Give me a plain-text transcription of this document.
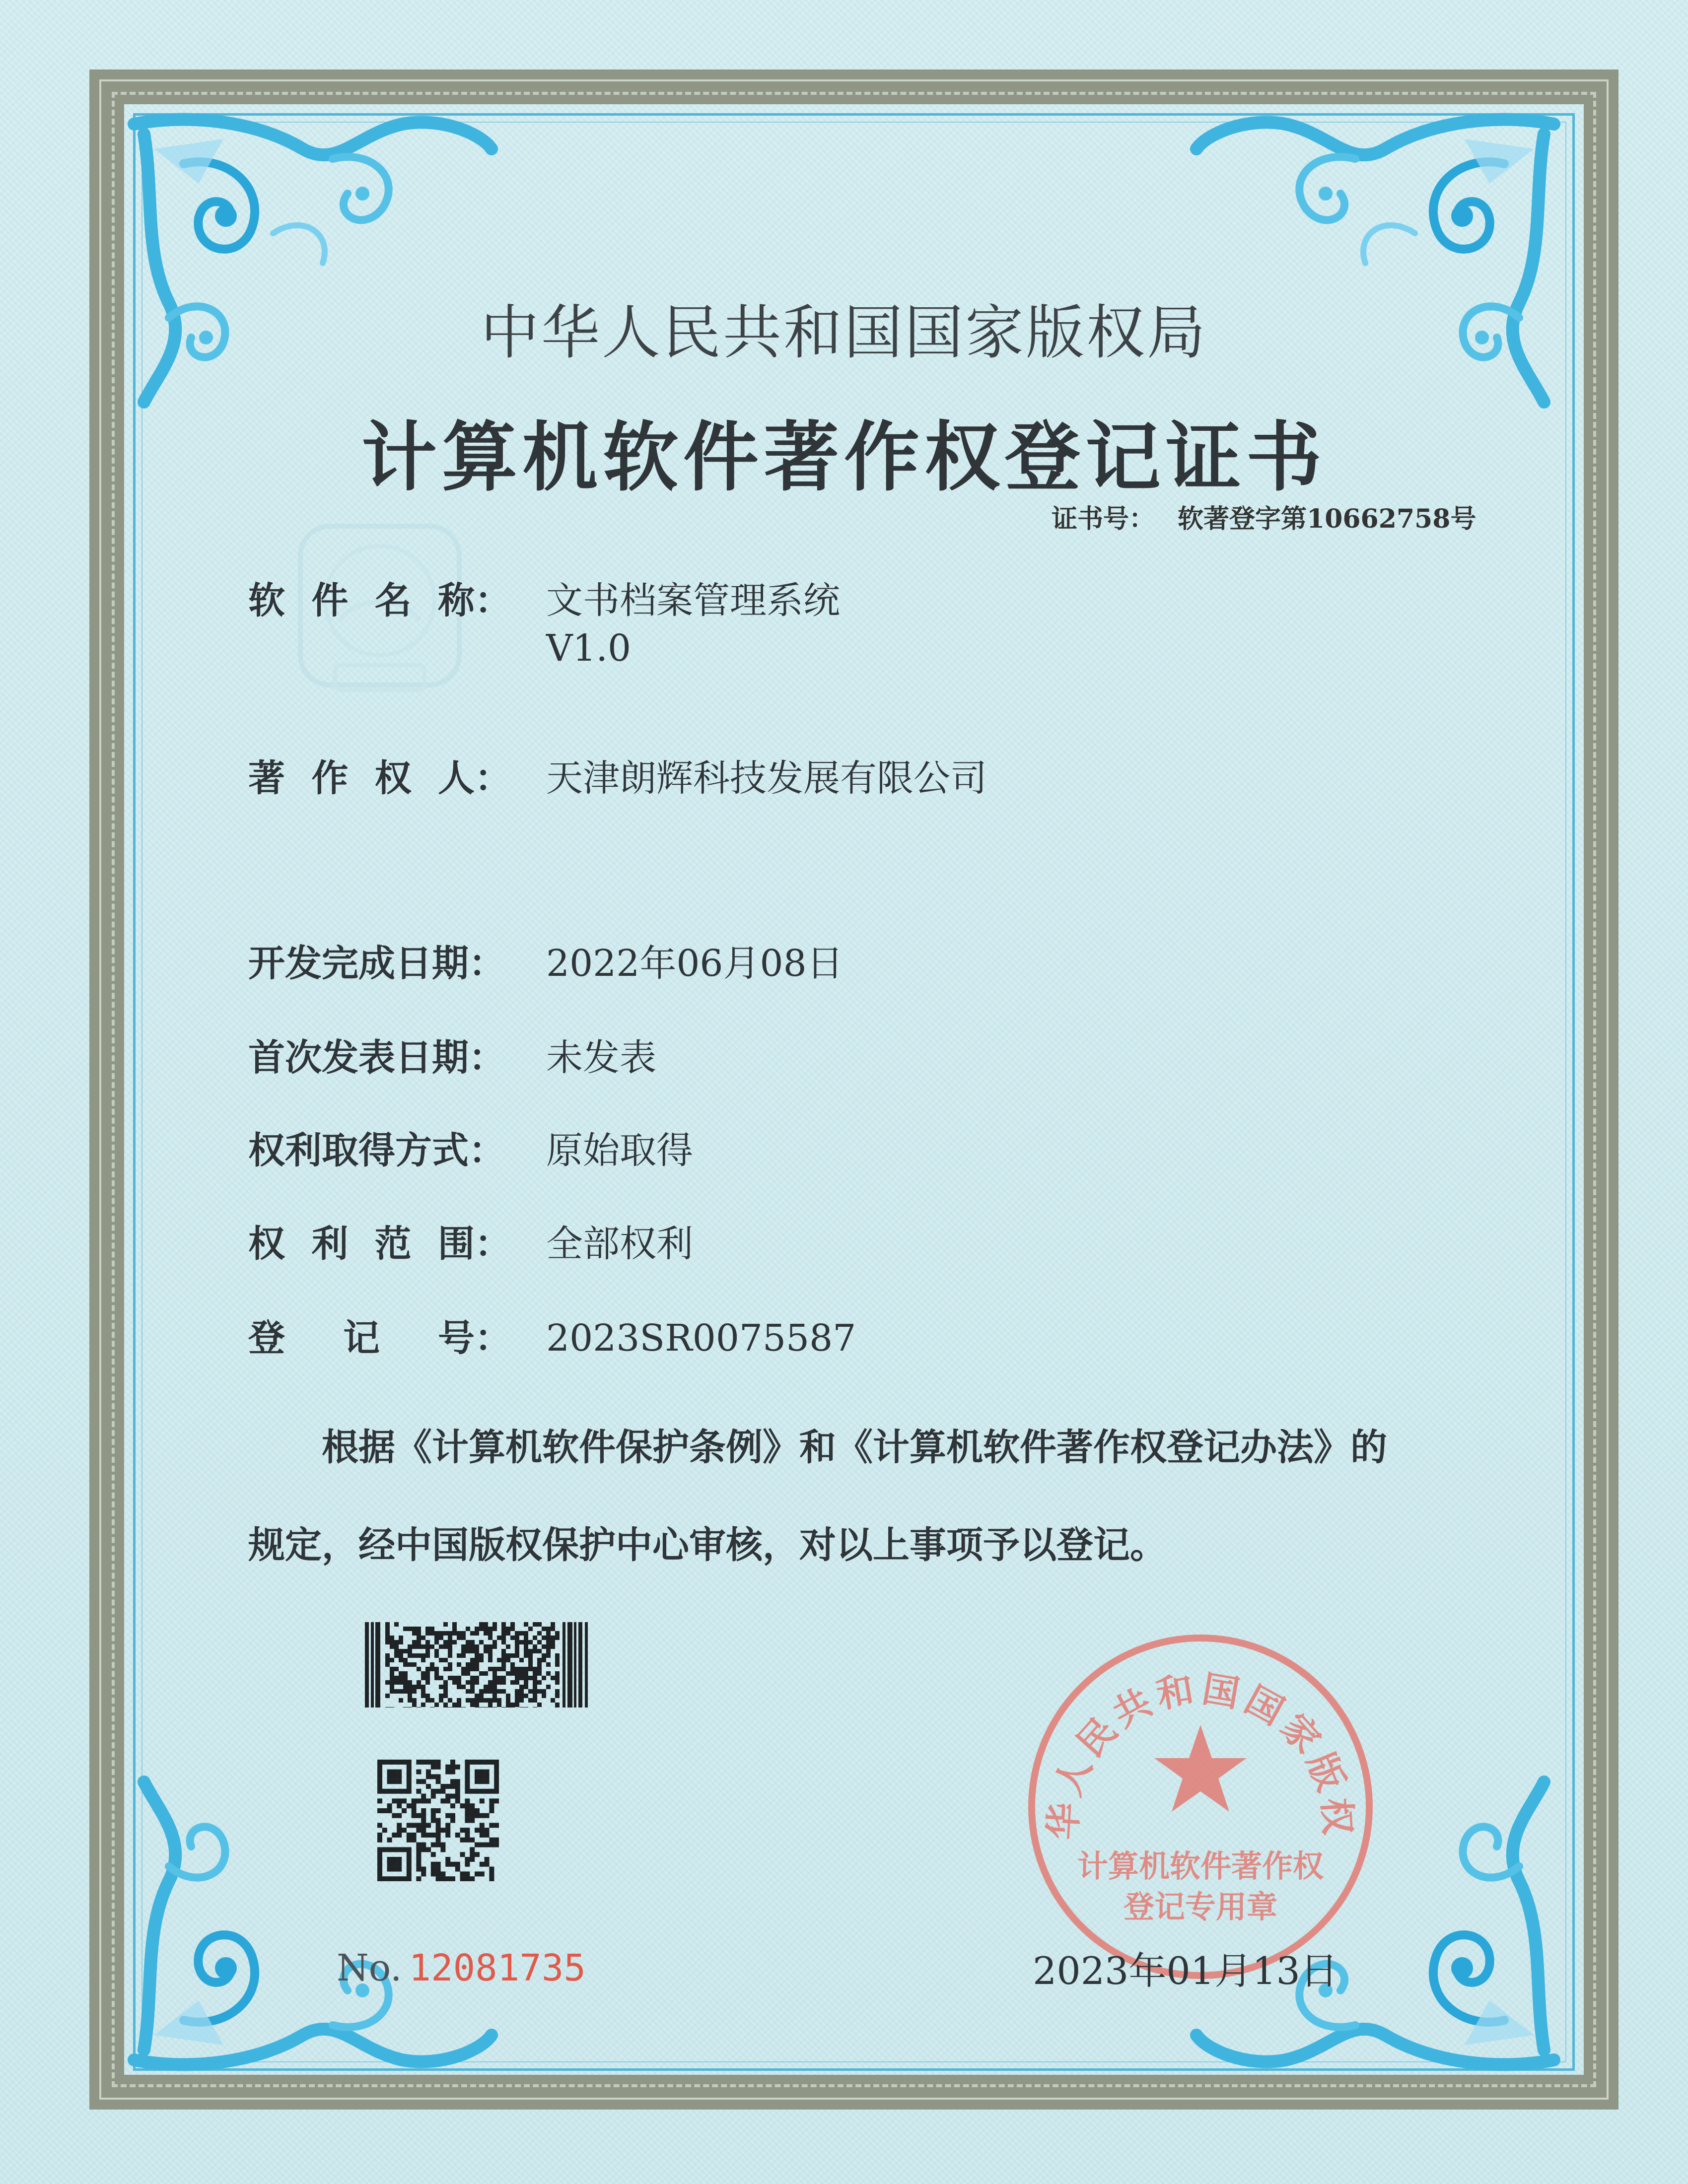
中华人民共和国国家版权局
计算机软件著作权登记证书
证书号： 软著登字第10662758号
软 件 名 称： 文书档案管理系统
V1.0
著 作 权 人： 天津朗辉科技发展有限公司
开发完成日期： 2022年06月08日
首次发表日期： 未发表
权利取得方式： 原始取得
权 利 范 围： 全部权利
登 记 号： 2023SR0075587
根据《计算机软件保护条例》和《计算机软件著作权登记办法》的
规定，经中国版权保护中心审核，对以上事项予以登记。
No. 12081735
华人民共和国国家版权
计算机软件著作权
登记专用章
2023年01月13日
